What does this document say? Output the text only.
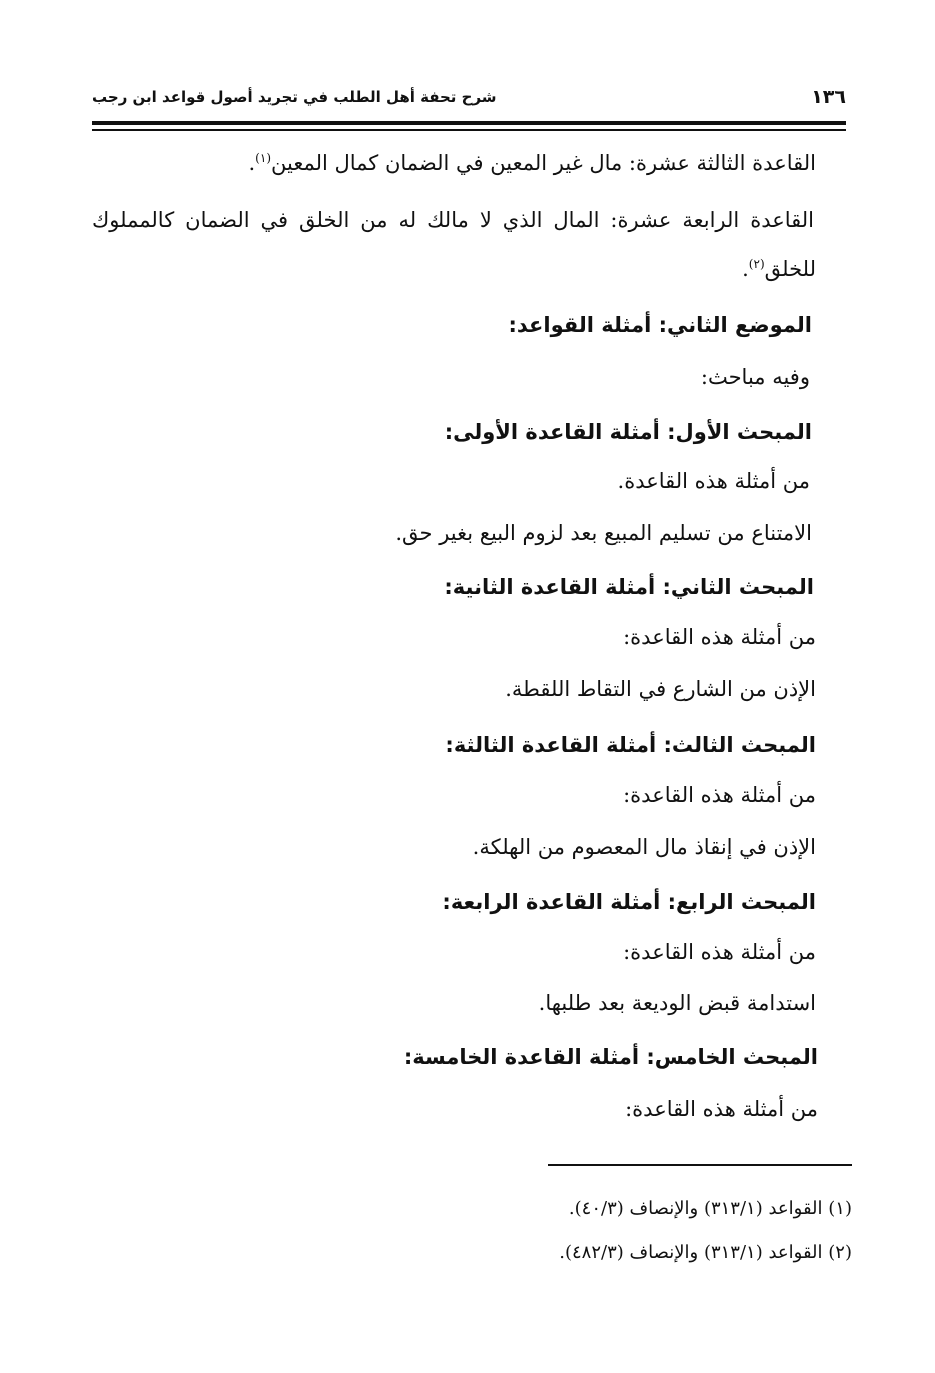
١٣٦
شرح تحفة أهل الطلب في تجريد أصول قواعد ابن رجب
القاعدة الثالثة عشرة: مال غير المعين في الضمان كمال المعين$^{(١)}$.
القاعدة الرابعة عشرة: المال الذي لا مالك له من الخلق في الضمان كالمملوك
للخلق$^{(٢)}$.
الموضع الثاني: أمثلة القواعد:
وفيه مباحث:
المبحث الأول: أمثلة القاعدة الأولى:
من أمثلة هذه القاعدة.
الامتناع من تسليم المبيع بعد لزوم البيع بغير حق.
المبحث الثاني: أمثلة القاعدة الثانية:
من أمثلة هذه القاعدة:
الإذن من الشارع في التقاط اللقطة.
المبحث الثالث: أمثلة القاعدة الثالثة:
من أمثلة هذه القاعدة:
الإذن في إنقاذ مال المعصوم من الهلكة.
المبحث الرابع: أمثلة القاعدة الرابعة:
من أمثلة هذه القاعدة:
استدامة قبض الوديعة بعد طلبها.
المبحث الخامس: أمثلة القاعدة الخامسة:
من أمثلة هذه القاعدة:
(١) القواعد (٣١٣/١) والإنصاف (٤٠/٣).
(٢) القواعد (٣١٣/١) والإنصاف (٤٨٢/٣).
